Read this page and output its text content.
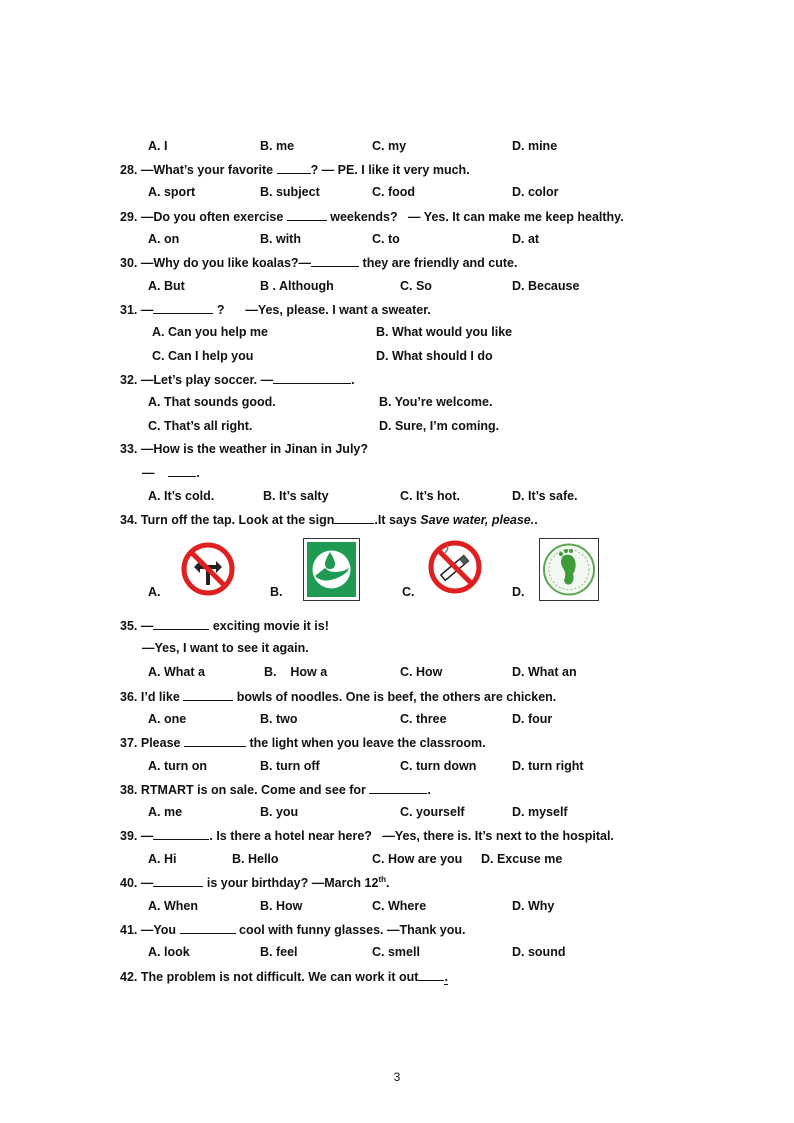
A. I	B. me	C. my	D. mine
28. —What’s your favorite	? — PE. I like it very much.
A. sport	B. subject	C. food	D. color
29. —Do you often exercise	weekends?   — Yes. It can make me keep healthy.
A. on	B. with	C. to	D. at
30. —Why do you like koalas?—	they are friendly and cute.
A. But	B . Although	C. So	D. Because
31. —	?      —Yes, please. I want a sweater.
A. Can you help me	B. What would you like
C. Can I help you	D. What should I do
32. —Let’s play soccer. —	.
A. That sounds good.	B. You’re welcome.
C. That’s all right.	D. Sure, I’m coming.
33. —How is the weather in Jinan in July?
—	.
A. It’s cold.	B. It’s salty	C. It’s hot.	D. It’s safe.
34. Turn off the tap. Look at the sign	.It says Save water, please..
A.	B.	C.	D.
35. —	exciting movie it is!
—Yes, I want to see it again.
A. What a	B.    How a	C. How	D. What an
36. I’d like	bowls of noodles. One is beef, the others are chicken.
A. one	B. two	C. three	D. four
37. Please	the light when you leave the classroom.
A. turn on	B. turn off	C. turn down	D. turn right
38. RTMART is on sale. Come and see for	.
A. me	B. you	C. yourself	D. myself
39. —	. Is there a hotel near here?   —Yes, there is. It’s next to the hospital.
A. Hi	B. Hello	C. How are you D. Excuse me
40. —	is your birthday? —March 12th.
A. When	B. How	C. Where	D. Why
41. —You	cool with funny glasses. —Thank you.
A. look	B. feel	C. smell	D. sound
42. The problem is not difficult. We can work it out .
3
